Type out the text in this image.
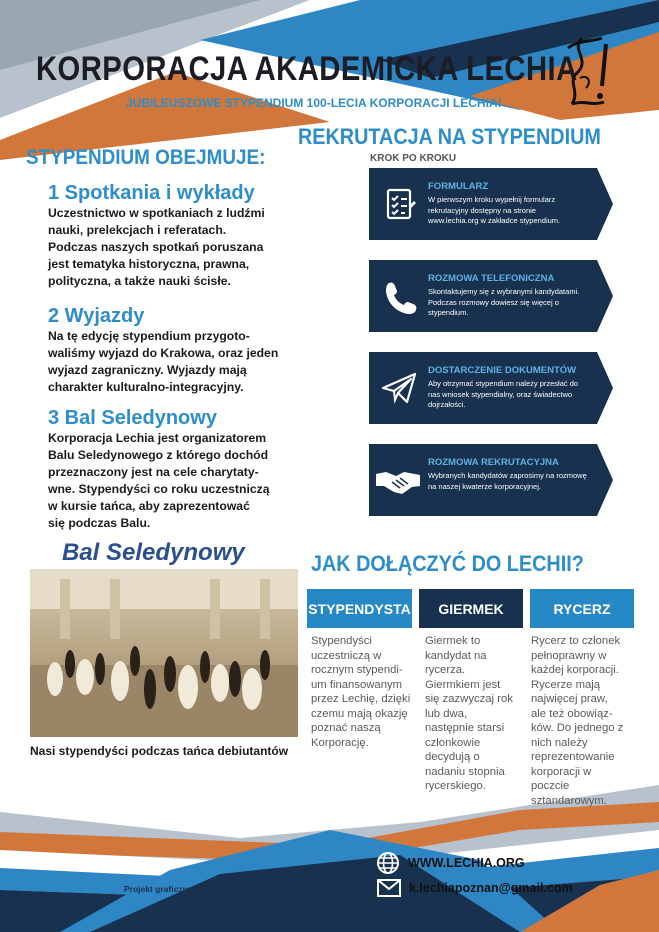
KORPORACJA AKADEMICKA LECHIA
JUBILEUSZOWE STYPENDIUM 100-LECIA KORPORACJI LECHIA!
STYPENDIUM OBEJMUJE:
1 Spotkania i wykłady
Uczestnictwo w spotkaniach z ludźmi
nauki, prelekcjach i referatach.
Podczas naszych spotkań poruszana
jest tematyka historyczna, prawna,
polityczna, a także nauki ścisłe.
2 Wyjazdy
Na tę edycję stypendium przygoto-
waliśmy wyjazd do Krakowa, oraz jeden
wyjazd zagraniczny. Wyjazdy mają
charakter kulturalno-integracyjny.
3 Bal Seledynowy
Korporacja Lechia jest organizatorem
Balu Seledynowego z którego dochód
przeznaczony jest na cele charytaty-
wne. Stypendyści co roku uczestniczą
w kursie tańca, aby zaprezentować
się podczas Balu.
REKRUTACJA NA STYPENDIUM
KROK PO KROKU
FORMULARZ
W pierwszym kroku wypełnij formularz rekrutacyjny dostępny na stronie www.lechia.org w zakładce stypendium.
ROZMOWA TELEFONICZNA
Skontaktujemy się z wybranymi kandydatami. Podczas rozmowy dowiesz się więcej o stypendium.
DOSTARCZENIE DOKUMENTÓW
Aby otrzymać stypendium należy przesłać do nas wniosek stypendialny, oraz świadectwo dojrzałości.
ROZMOWA REKRUTACYJNA
Wybranych kandydatów zaprosimy na rozmowę na naszej kwaterze korporacyjnej.
Bal Seledynowy
Nasi stypendyści podczas tańca debiutantów
JAK DOŁĄCZYĆ DO LECHII?
STYPENDYSTA	GIERMEK	RYCERZ
Stypendyści
uczestniczą w
rocznym stypendi-
um finansowanym
przez Lechię, dzięki
czemu mają okazję
poznać naszą
Korporację.
Giermek to
kandydat na
rycerza.
Giermkiem jest
się zazwyczaj rok
lub dwa,
następnie starsi
członkowie
decydują o
nadaniu stopnia
rycerskiego.
Rycerz to członek
pełnoprawny w
każdej korporacji.
Rycerze mają
najwięcej praw,
ale też obowiąz-
ków. Do jednego z
nich należy
reprezentowanie
korporacji w
poczcie
sztandarowym.
Projekt graficzny: C! Wojciech Warguła xx
WWW.LECHIA.ORG
k.lechiapoznan@gmail.com
